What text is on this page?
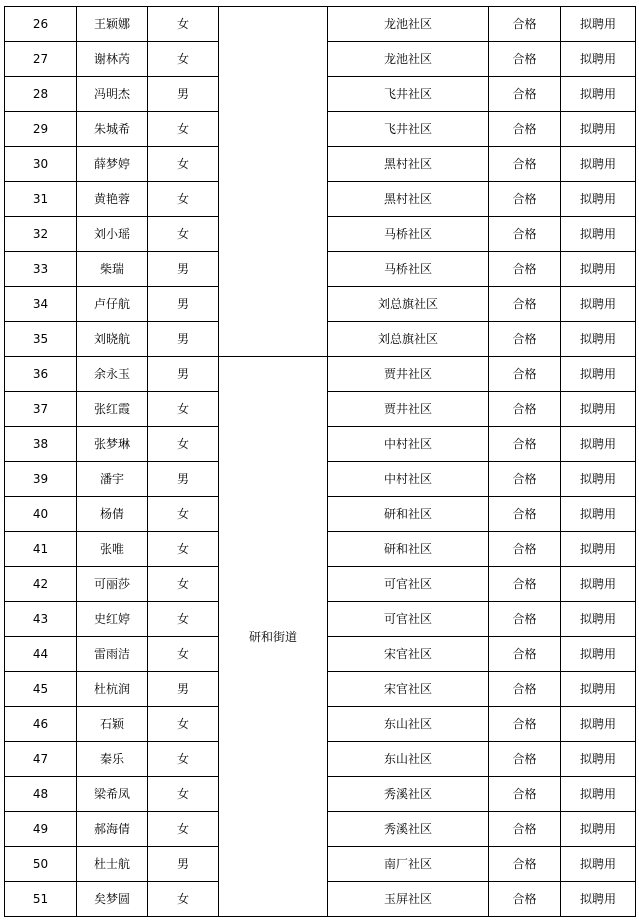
26	王颖娜	女		龙池社区	合格	拟聘用
27	谢林芮	女		龙池社区	合格	拟聘用
28	冯明杰	男		飞井社区	合格	拟聘用
29	朱城希	女		飞井社区	合格	拟聘用
30	薛梦婷	女		黑村社区	合格	拟聘用
31	黄艳蓉	女		黑村社区	合格	拟聘用
32	刘小瑶	女		马桥社区	合格	拟聘用
33	柴瑞	男		马桥社区	合格	拟聘用
34	卢仔航	男		刘总旗社区	合格	拟聘用
35	刘晓航	男		刘总旗社区	合格	拟聘用
36	余永玉	男	研和街道	贾井社区	合格	拟聘用
37	张红霞	女		贾井社区	合格	拟聘用
38	张梦琳	女		中村社区	合格	拟聘用
39	潘宇	男		中村社区	合格	拟聘用
40	杨倩	女		研和社区	合格	拟聘用
41	张唯	女		研和社区	合格	拟聘用
42	可丽莎	女		可官社区	合格	拟聘用
43	史红婷	女		可官社区	合格	拟聘用
44	雷雨洁	女		宋官社区	合格	拟聘用
45	杜杭润	男		宋官社区	合格	拟聘用
46	石颖	女		东山社区	合格	拟聘用
47	秦乐	女		东山社区	合格	拟聘用
48	梁希凤	女		秀溪社区	合格	拟聘用
49	郝海倩	女		秀溪社区	合格	拟聘用
50	杜士航	男		南厂社区	合格	拟聘用
51	矣梦圆	女		玉屏社区	合格	拟聘用
